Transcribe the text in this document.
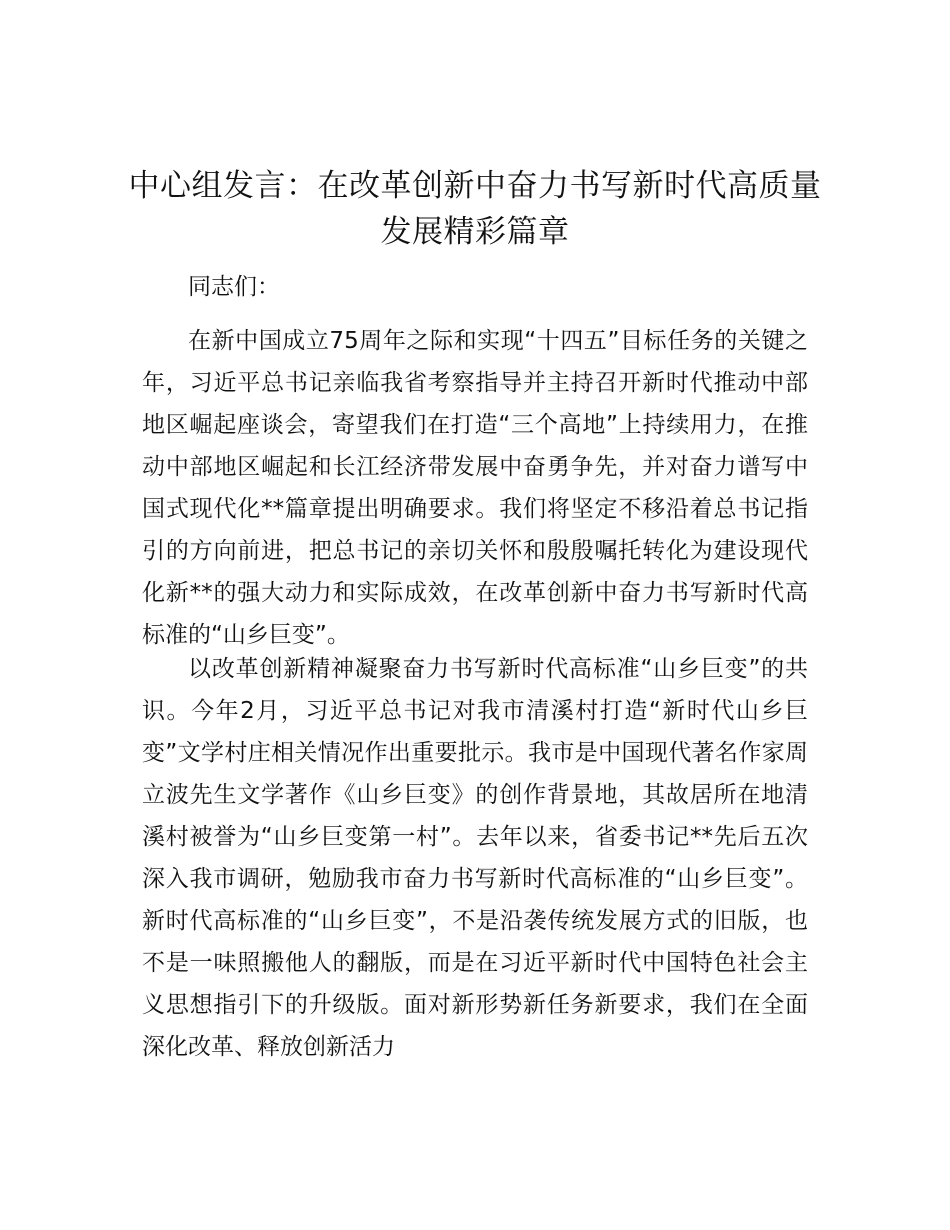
中心组发言：在改革创新中奋力书写新时代高质量发展精彩篇章

同志们：

在新中国成立75周年之际和实现“十四五”目标任务的关键之年，习近平总书记亲临我省考察指导并主持召开新时代推动中部地区崛起座谈会，寄望我们在打造“三个高地”上持续用力，在推动中部地区崛起和长江经济带发展中奋勇争先，并对奋力谱写中国式现代化**篇章提出明确要求。我们将坚定不移沿着总书记指引的方向前进，把总书记的亲切关怀和殷殷嘱托转化为建设现代化新**的强大动力和实际成效，在改革创新中奋力书写新时代高标准的“山乡巨变”。

以改革创新精神凝聚奋力书写新时代高标准“山乡巨变”的共识。今年2月，习近平总书记对我市清溪村打造“新时代山乡巨变”文学村庄相关情况作出重要批示。我市是中国现代著名作家周立波先生文学著作《山乡巨变》的创作背景地，其故居所在地清溪村被誉为“山乡巨变第一村”。去年以来，省委书记**先后五次深入我市调研，勉励我市奋力书写新时代高标准的“山乡巨变”。新时代高标准的“山乡巨变”，不是沿袭传统发展方式的旧版，也不是一味照搬他人的翻版，而是在习近平新时代中国特色社会主义思想指引下的升级版。面对新形势新任务新要求，我们在全面深化改革、释放创新活力
